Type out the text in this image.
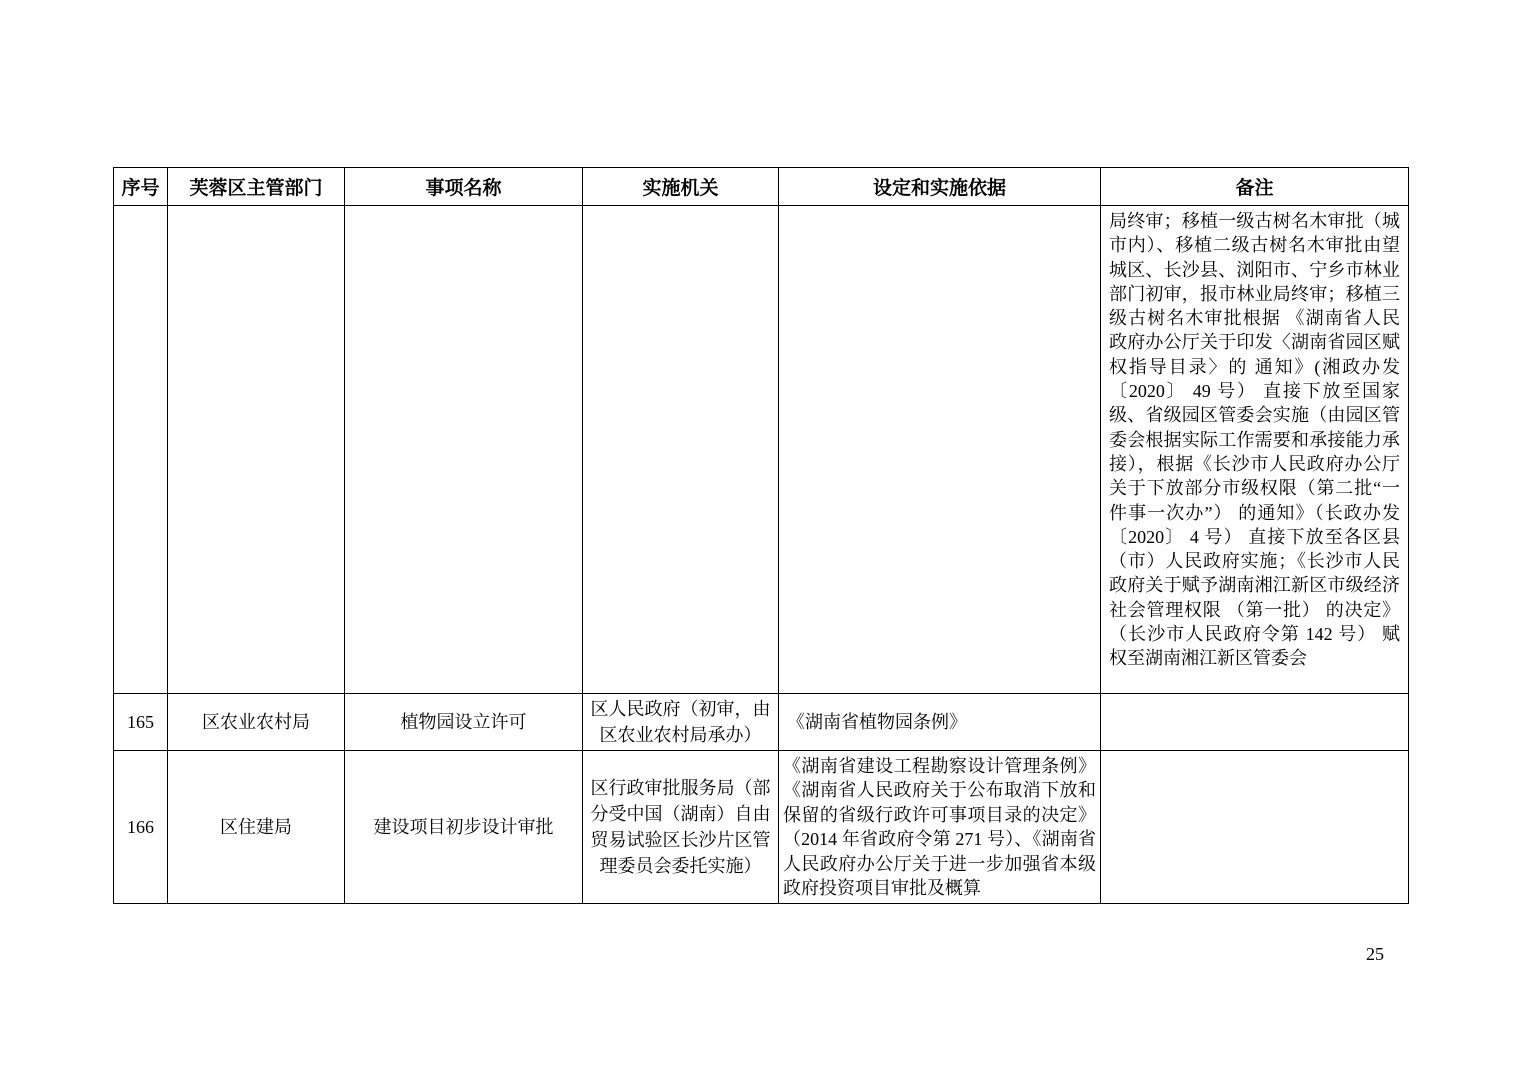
序号	芙蓉区主管部门	事项名称	实施机关	设定和实施依据	备注
					局终审；移植一级古树名木审批（城市内）、移植二级古树名木审批由望城区、长沙县、浏阳市、宁乡市林业部门初审，报市林业局终审；移植三级古树名木审批根据 《湖南省人民政府办公厅关于印发〈湖南省园区赋权指导目录〉的 通知》(湘政办发 〔2020〕 49 号） 直接下放至国家级、省级园区管委会实施（由园区管委会根据实际工作需要和承接能力承接），根据《长沙市人民政府办公厅关于下放部分市级权限（第二批“一件事一次办”） 的通知》（长政办发 〔2020〕 4 号） 直接下放至各区县（市）人民政府实施；《长沙市人民政府关于赋予湖南湘江新区市级经济社会管理权限 （第一批） 的决定》（长沙市人民政府令第 142 号） 赋权至湖南湘江新区管委会
165	区农业农村局	植物园设立许可	区人民政府（初审，由区农业农村局承办）	《湖南省植物园条例》	
166	区住建局	建设项目初步设计审批	区行政审批服务局（部分受中国（湖南）自由贸易试验区长沙片区管理委员会委托实施）	《湖南省建设工程勘察设计管理条例》《湖南省人民政府关于公布取消下放和保留的省级行政许可事项目录的决定》（2014 年省政府令第 271 号）、《湖南省人民政府办公厅关于进一步加强省本级政府投资项目审批及概算	
25
